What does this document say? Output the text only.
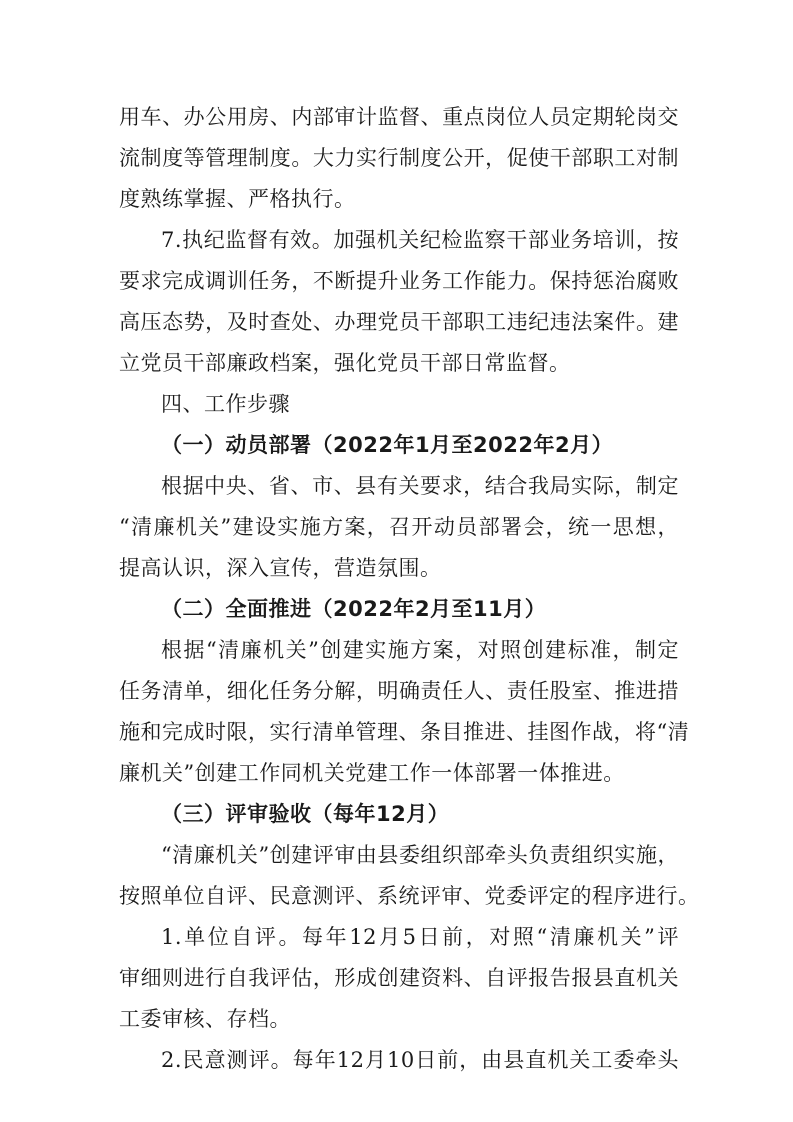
用车、办公用房、内部审计监督、重点岗位人员定期轮岗交
流制度等管理制度。大力实行制度公开，促使干部职工对制
度熟练掌握、严格执行。
7.执纪监督有效。加强机关纪检监察干部业务培训，按
要求完成调训任务，不断提升业务工作能力。保持惩治腐败
高压态势，及时查处、办理党员干部职工违纪违法案件。建
立党员干部廉政档案，强化党员干部日常监督。
四、工作步骤
（一）动员部署（2022年1月至2022年2月）
根据中央、省、市、县有关要求，结合我局实际，制定
“清廉机关”建设实施方案，召开动员部署会，统一思想，
提高认识，深入宣传，营造氛围。
（二）全面推进（2022年2月至11月）
根据“清廉机关”创建实施方案，对照创建标准，制定
任务清单，细化任务分解，明确责任人、责任股室、推进措
施和完成时限，实行清单管理、条目推进、挂图作战，将“清
廉机关”创建工作同机关党建工作一体部署一体推进。
（三）评审验收（每年12月）
“清廉机关”创建评审由县委组织部牵头负责组织实施，
按照单位自评、民意测评、系统评审、党委评定的程序进行。
1.单位自评。每年12月5日前，对照“清廉机关”评
审细则进行自我评估，形成创建资料、自评报告报县直机关
工委审核、存档。
2.民意测评。每年12月10日前，由县直机关工委牵头
